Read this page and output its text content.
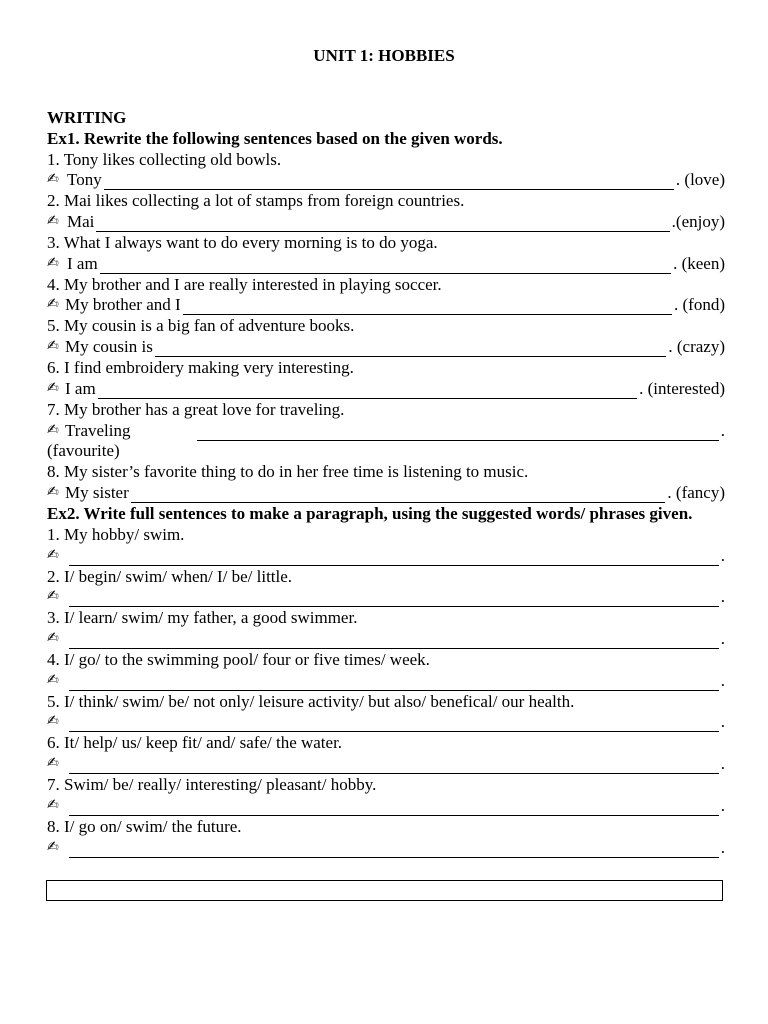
UNIT 1: HOBBIES
WRITING
Ex1. Rewrite the following sentences based on the given words.
1. Tony likes collecting old bowls.
✍ Tony	. (love)
2. Mai likes collecting a lot of stamps from foreign countries.
✍ Mai	.(enjoy)
3. What I always want to do every morning is to do yoga.
✍ I am	. (keen)
4. My brother and I are really interested in playing soccer.
✍ My brother and I	. (fond)
5. My cousin is a big fan of adventure books.
✍ My cousin is	. (crazy)
6. I find embroidery making very interesting.
✍ I am	. (interested)
7. My brother has a great love for traveling.
✍ Traveling	.
(favourite)
8. My sister’s favorite thing to do in her free time is listening to music.
✍ My sister	. (fancy)
Ex2. Write full sentences to make a paragraph, using the suggested words/ phrases given.
1. My hobby/ swim.
✍	.
2. I/ begin/ swim/ when/ I/ be/ little.
✍	.
3. I/ learn/ swim/ my father, a good swimmer.
✍	.
4. I/ go/ to the swimming pool/ four or five times/ week.
✍	.
5. I/ think/ swim/ be/ not only/ leisure activity/ but also/ benefical/ our health.
✍	.
6. It/ help/ us/ keep fit/ and/ safe/ the water.
✍	.
7. Swim/ be/ really/ interesting/ pleasant/ hobby.
✍	.
8. I/ go on/ swim/ the future.
✍	.
